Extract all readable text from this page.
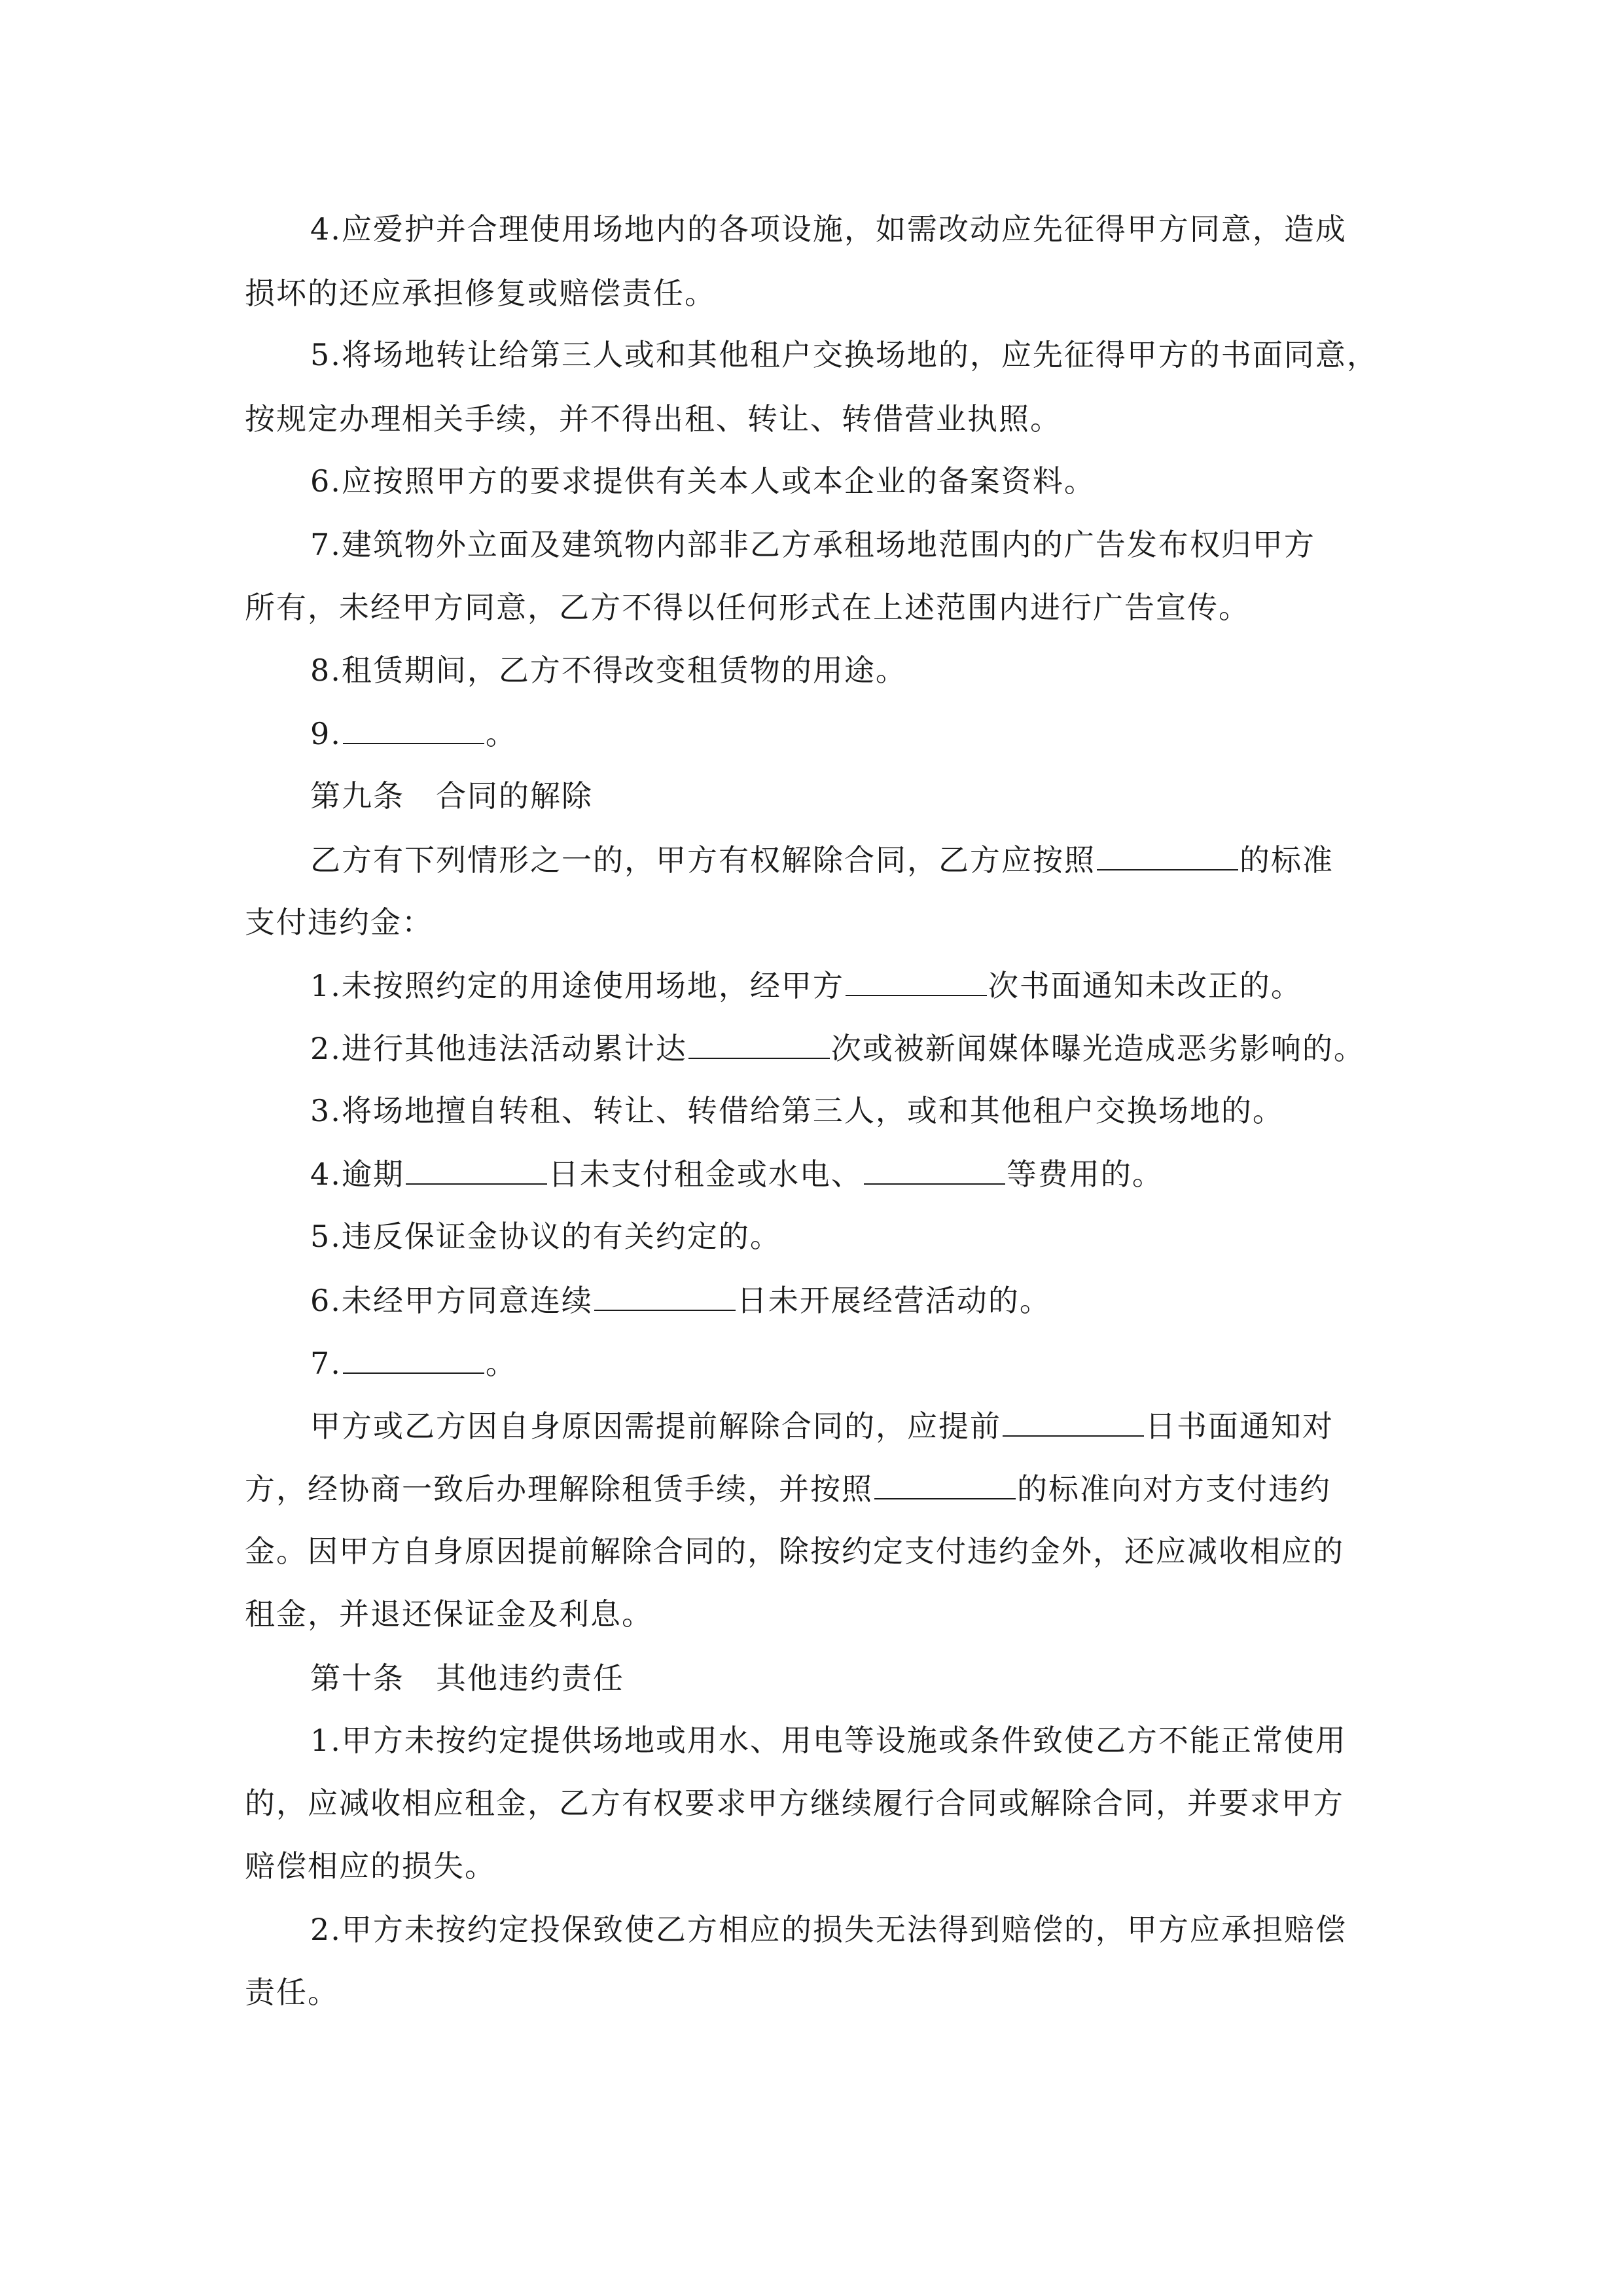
4.应爱护并合理使用场地内的各项设施，如需改动应先征得甲方同意，造成
损坏的还应承担修复或赔偿责任。
5.将场地转让给第三人或和其他租户交换场地的，应先征得甲方的书面同意，
按规定办理相关手续，并不得出租、转让、转借营业执照。
6.应按照甲方的要求提供有关本人或本企业的备案资料。
7.建筑物外立面及建筑物内部非乙方承租场地范围内的广告发布权归甲方
所有，未经甲方同意，乙方不得以任何形式在上述范围内进行广告宣传。
8.租赁期间，乙方不得改变租赁物的用途。
9.	。
第九条　合同的解除
乙方有下列情形之一的，甲方有权解除合同，乙方应按照	的标准
支付违约金：
1.未按照约定的用途使用场地，经甲方	次书面通知未改正的。
2.进行其他违法活动累计达	次或被新闻媒体曝光造成恶劣影响的。
3.将场地擅自转租、转让、转借给第三人，或和其他租户交换场地的。
4.逾期	日未支付租金或水电、	等费用的。
5.违反保证金协议的有关约定的。
6.未经甲方同意连续	日未开展经营活动的。
7.	。
甲方或乙方因自身原因需提前解除合同的，应提前	日书面通知对
方，经协商一致后办理解除租赁手续，并按照	的标准向对方支付违约
金。因甲方自身原因提前解除合同的，除按约定支付违约金外，还应减收相应的
租金，并退还保证金及利息。
第十条　其他违约责任
1.甲方未按约定提供场地或用水、用电等设施或条件致使乙方不能正常使用
的，应减收相应租金，乙方有权要求甲方继续履行合同或解除合同，并要求甲方
赔偿相应的损失。
2.甲方未按约定投保致使乙方相应的损失无法得到赔偿的，甲方应承担赔偿
责任。
